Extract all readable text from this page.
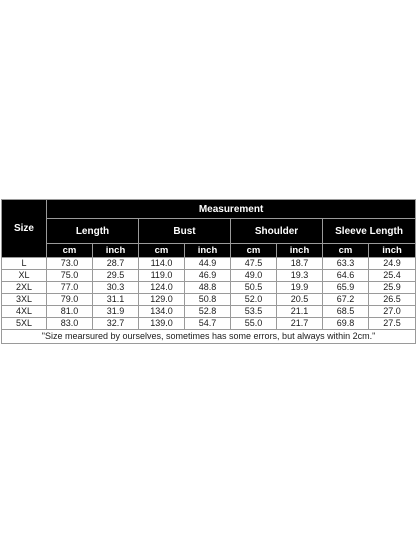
Size	Measurement							
	Length		Bust		Shoulder		Sleeve Length	
	cm	inch	cm	inch	cm	inch	cm	inch
L	73.0	28.7	114.0	44.9	47.5	18.7	63.3	24.9
XL	75.0	29.5	119.0	46.9	49.0	19.3	64.6	25.4
2XL	77.0	30.3	124.0	48.8	50.5	19.9	65.9	25.9
3XL	79.0	31.1	129.0	50.8	52.0	20.5	67.2	26.5
4XL	81.0	31.9	134.0	52.8	53.5	21.1	68.5	27.0
5XL	83.0	32.7	139.0	54.7	55.0	21.7	69.8	27.5
"Size mearsured by ourselves, sometimes has some errors, but always within 2cm."								
